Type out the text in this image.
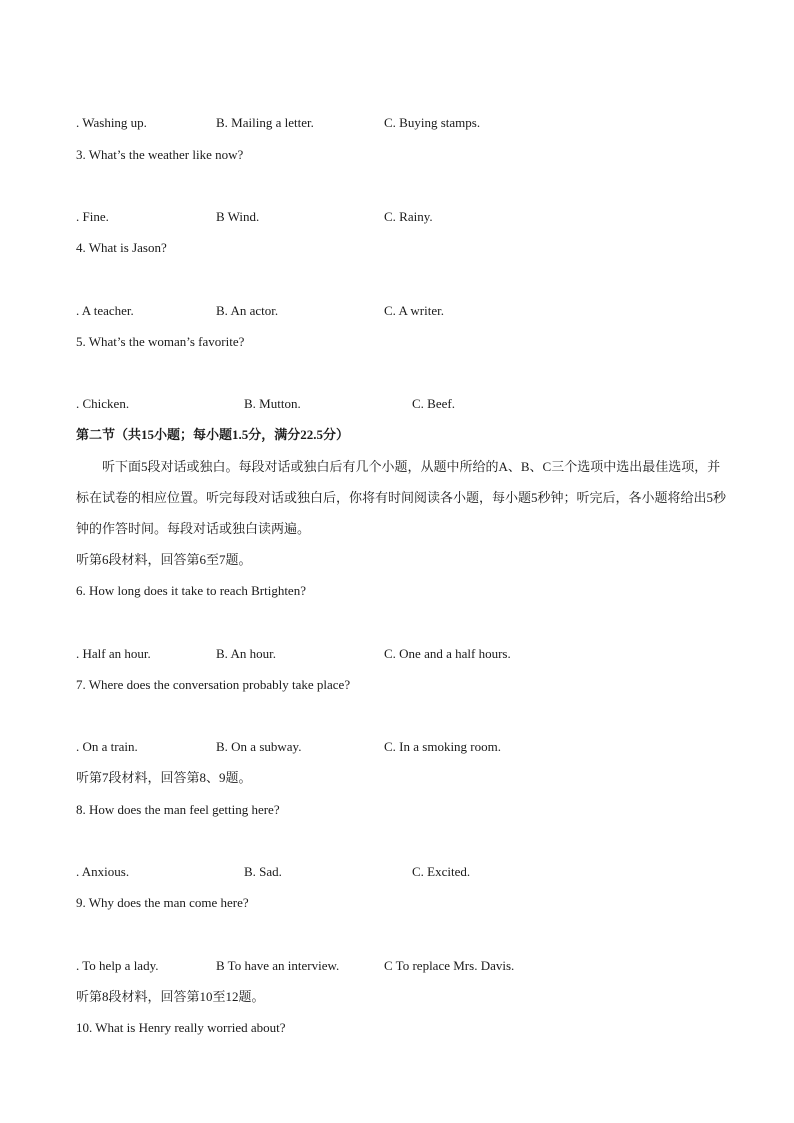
. Washing up.	B. Mailing a letter.	C. Buying stamps.
3. What’s the weather like now?
. Fine.	B Wind.	C. Rainy.
4. What is Jason?
. A teacher.	B. An actor.	C. A writer.
5. What’s the woman’s favorite?
. Chicken.	B. Mutton.	C. Beef.
第二节（共15小题；每小题1.5分，满分22.5分）
听下面5段对话或独白。每段对话或独白后有几个小题，从题中所给的A、B、C三个选项中选出最佳选项，并标在试卷的相应位置。听完每段对话或独白后，你将有时间阅读各小题，每小题5秒钟；听完后，各小题将给出5秒钟的作答时间。每段对话或独白读两遍。
听第6段材料，回答第6至7题。
6. How long does it take to reach Brtighten?
. Half an hour.	B. An hour.	C. One and a half hours.
7. Where does the conversation probably take place?
. On a train.	B. On a subway.	C. In a smoking room.
听第7段材料，回答第8、9题。
8. How does the man feel getting here?
. Anxious.	B. Sad.	C. Excited.
9. Why does the man come here?
. To help a lady.	B To have an interview.	C To replace Mrs. Davis.
听第8段材料，回答第10至12题。
10. What is Henry really worried about?
